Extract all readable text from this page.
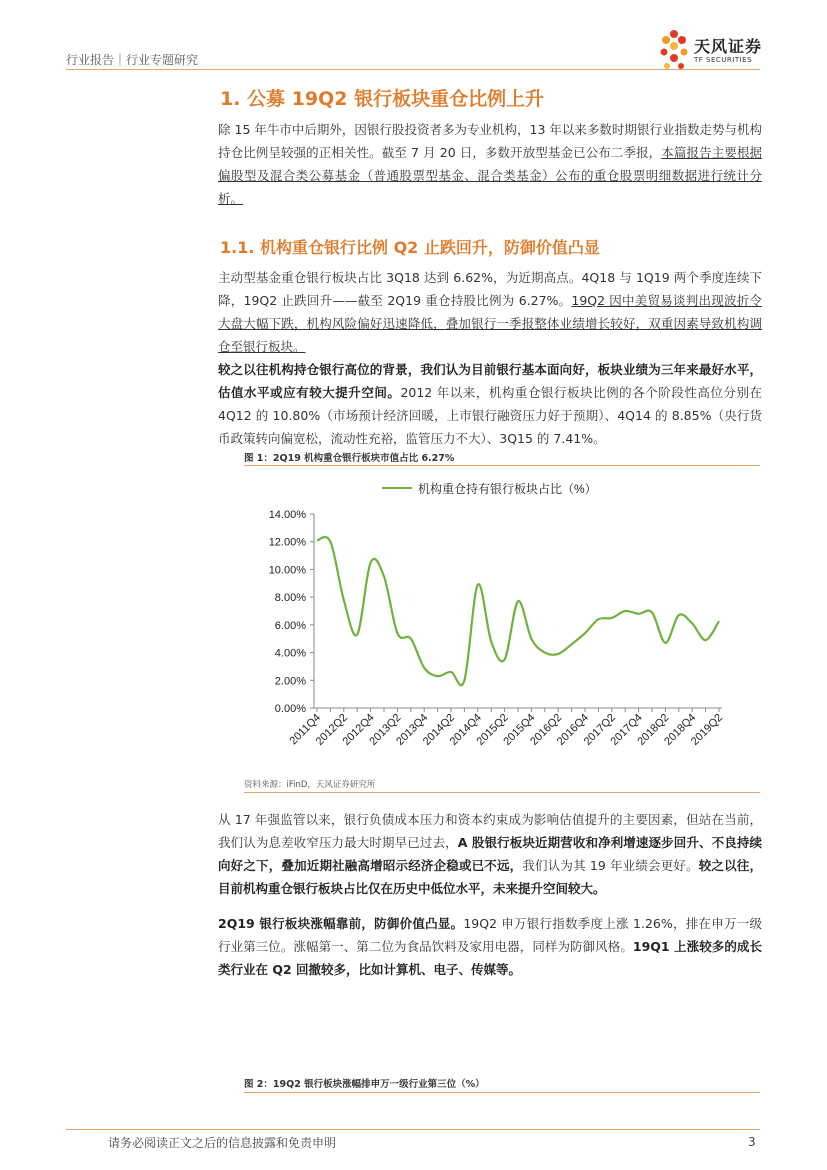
行业报告｜行业专题研究
天风证券
TF SECURITIES
1. 公募 19Q2 银行板块重仓比例上升
除 15 年牛市中后期外，因银行股投资者多为专业机构，13 年以来多数时期银行业指数走势与机构持仓比例呈较强的正相关性。截至 7 月 20 日，多数开放型基金已公布二季报，本篇报告主要根据偏股型及混合类公募基金（普通股票型基金、混合类基金）公布的重仓股票明细数据进行统计分析。
1.1. 机构重仓银行比例 Q2 止跌回升，防御价值凸显
主动型基金重仓银行板块占比 3Q18 达到 6.62%，为近期高点。4Q18 与 1Q19 两个季度连续下降，19Q2 止跌回升——截至 2Q19 重仓持股比例为 6.27%。19Q2 因中美贸易谈判出现波折令大盘大幅下跌，机构风险偏好迅速降低，叠加银行一季报整体业绩增长较好，双重因素导致机构调仓至银行板块。
较之以往机构持仓银行高位的背景，我们认为目前银行基本面向好，板块业绩为三年来最好水平，估值水平或应有较大提升空间。2012 年以来，机构重仓银行板块比例的各个阶段性高位分别在 4Q12 的 10.80%（市场预计经济回暖，上市银行融资压力好于预期）、4Q14 的 8.85%（央行货币政策转向偏宽松，流动性充裕，监管压力不大）、3Q15 的 7.41%。
图 1：2Q19 机构重仓银行板块市值占比 6.27%
机构重仓持有银行板块占比（%）
0.00%
2.00%
4.00%
6.00%
8.00%
10.00%
12.00%
14.00%
2011Q4
2012Q2
2012Q4
2013Q2
2013Q4
2014Q2
2014Q4
2015Q2
2015Q4
2016Q2
2016Q4
2017Q2
2017Q4
2018Q2
2018Q4
2019Q2
资料来源：iFinD，天风证券研究所
从 17 年强监管以来，银行负债成本压力和资本约束成为影响估值提升的主要因素，但站在当前，我们认为息差收窄压力最大时期早已过去，A 股银行板块近期营收和净利增速逐步回升、不良持续向好之下，叠加近期社融高增昭示经济企稳或已不远，我们认为其 19 年业绩会更好。较之以往，目前机构重仓银行板块占比仅在历史中低位水平，未来提升空间较大。
2Q19 银行板块涨幅靠前，防御价值凸显。19Q2 申万银行指数季度上涨 1.26%，排在申万一级行业第三位。涨幅第一、第二位为食品饮料及家用电器，同样为防御风格。19Q1 上涨较多的成长类行业在 Q2 回撤较多，比如计算机、电子、传媒等。
图 2：19Q2 银行板块涨幅排申万一级行业第三位（%）
请务必阅读正文之后的信息披露和免责申明	3
